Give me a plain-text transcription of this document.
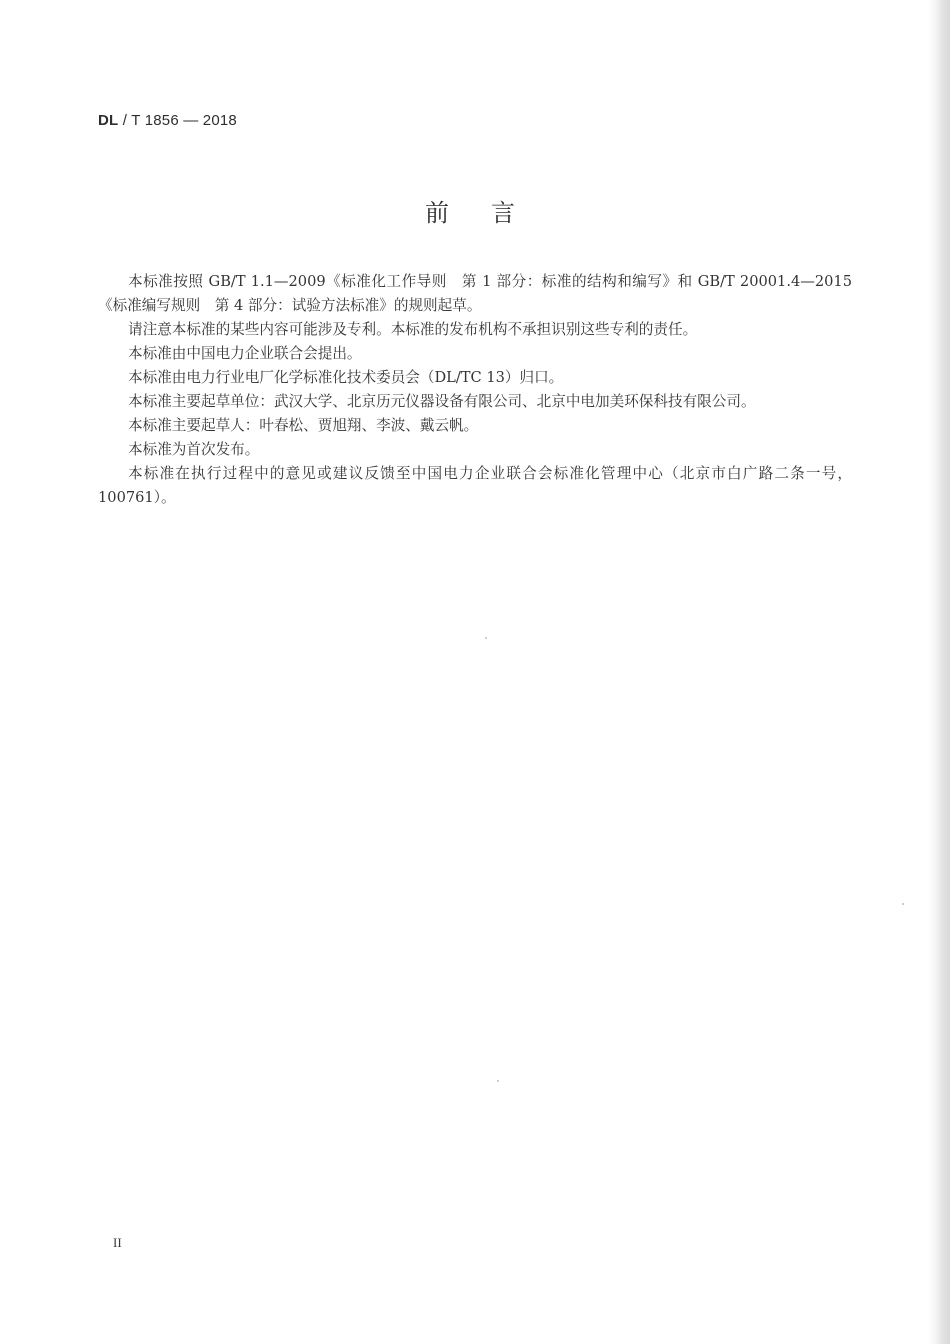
DL / T 1856 — 2018
前言

本标准按照 GB/T 1.1—2009《标准化工作导则　第 1 部分：标准的结构和编写》和 GB/T 20001.4—2015《标准编写规则　第 4 部分：试验方法标准》的规则起草。

请注意本标准的某些内容可能涉及专利。本标准的发布机构不承担识别这些专利的责任。

本标准由中国电力企业联合会提出。

本标准由电力行业电厂化学标准化技术委员会（DL/TC 13）归口。

本标准主要起草单位：武汉大学、北京历元仪器设备有限公司、北京中电加美环保科技有限公司。

本标准主要起草人：叶春松、贾旭翔、李波、戴云帆。

本标准为首次发布。

本标准在执行过程中的意见或建议反馈至中国电力企业联合会标准化管理中心（北京市白广路二条一号，100761）。

II
